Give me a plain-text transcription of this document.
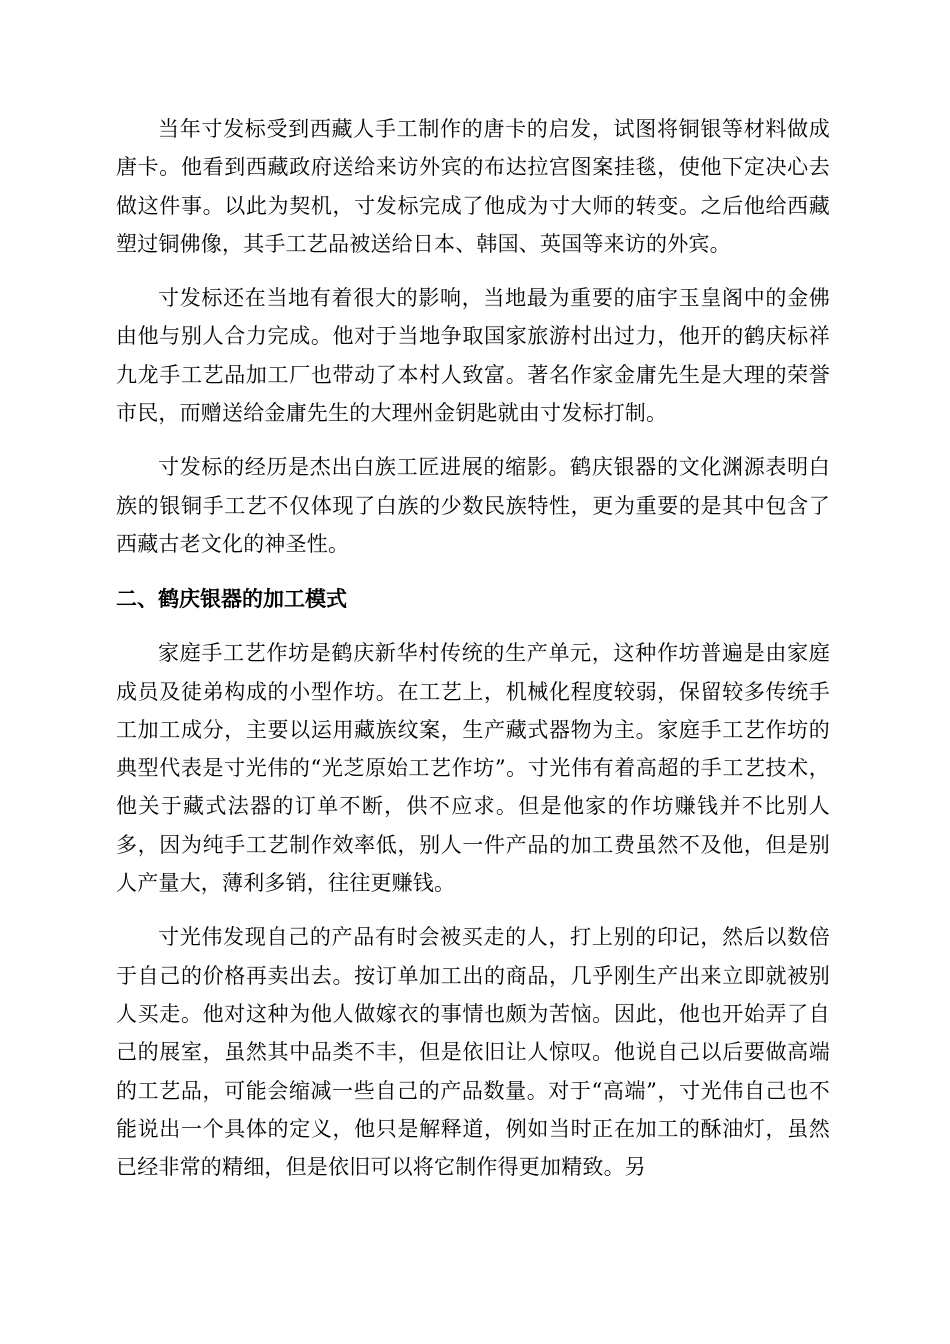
当年寸发标受到西藏人手工制作的唐卡的启发，试图将铜银等材料做成唐卡。他看到西藏政府送给来访外宾的布达拉宫图案挂毯，使他下定决心去做这件事。以此为契机，寸发标完成了他成为寸大师的转变。之后他给西藏塑过铜佛像，其手工艺品被送给日本、韩国、英国等来访的外宾。

寸发标还在当地有着很大的影响，当地最为重要的庙宇玉皇阁中的金佛由他与别人合力完成。他对于当地争取国家旅游村出过力，他开的鹤庆标祥九龙手工艺品加工厂也带动了本村人致富。著名作家金庸先生是大理的荣誉市民，而赠送给金庸先生的大理州金钥匙就由寸发标打制。

寸发标的经历是杰出白族工匠进展的缩影。鹤庆银器的文化渊源表明白族的银铜手工艺不仅体现了白族的少数民族特性，更为重要的是其中包含了西藏古老文化的神圣性。

二、鹤庆银器的加工模式

家庭手工艺作坊是鹤庆新华村传统的生产单元，这种作坊普遍是由家庭成员及徒弟构成的小型作坊。在工艺上，机械化程度较弱，保留较多传统手工加工成分，主要以运用藏族纹案，生产藏式器物为主。家庭手工艺作坊的典型代表是寸光伟的“光芝原始工艺作坊”。寸光伟有着高超的手工艺技术，他关于藏式法器的订单不断，供不应求。但是他家的作坊赚钱并不比别人多，因为纯手工艺制作效率低，别人一件产品的加工费虽然不及他，但是别人产量大，薄利多销，往往更赚钱。

寸光伟发现自己的产品有时会被买走的人，打上别的印记，然后以数倍于自己的价格再卖出去。按订单加工出的商品，几乎刚生产出来立即就被别人买走。他对这种为他人做嫁衣的事情也颇为苦恼。因此，他也开始弄了自己的展室，虽然其中品类不丰，但是依旧让人惊叹。他说自己以后要做高端的工艺品，可能会缩减一些自己的产品数量。对于“高端”，寸光伟自己也不能说出一个具体的定义，他只是解释道，例如当时正在加工的酥油灯，虽然已经非常的精细，但是依旧可以将它制作得更加精致。另
